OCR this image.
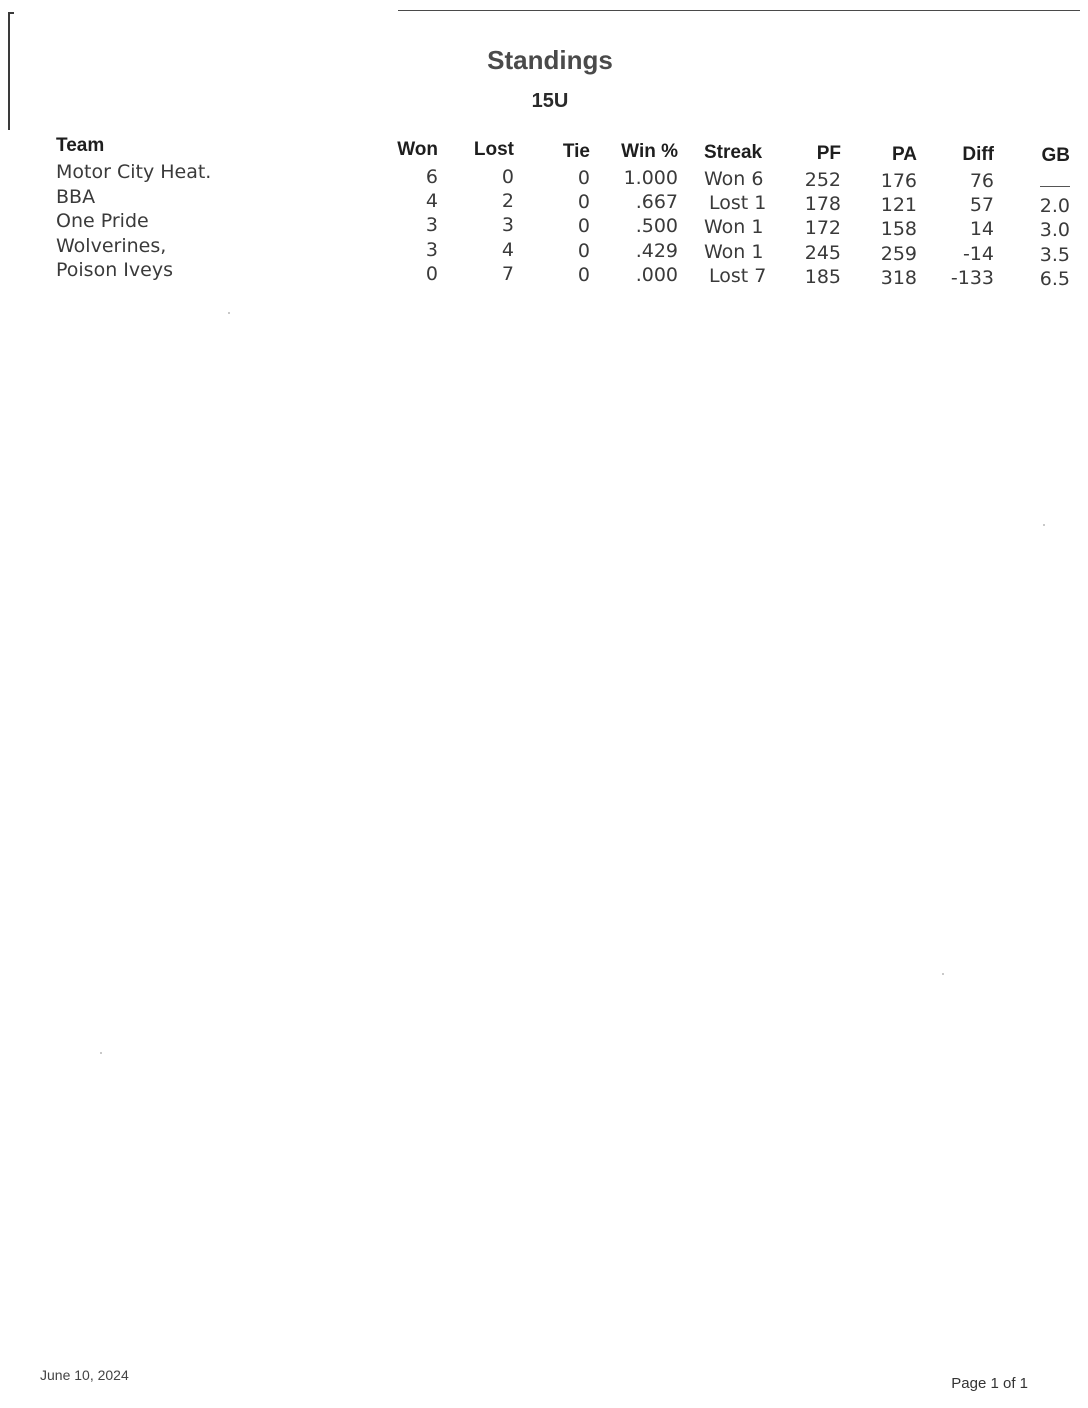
Standings
15U
Team	Won	Lost	Tie	Win % Streak	PF	PA	Diff	GB
Motor City Heat.	6	0	0	1.000 Won 6	252	176	76
BBA	4	2	0	.667 Lost 1	178	121	57	2.0
One Pride	3	3	0	.500 Won 1	172	158	14	3.0
Wolverines,	3	4	0	.429 Won 1	245	259	-14	3.5
Poison Iveys	0	7	0	.000 Lost 7	185	318	-133	6.5
June 10, 2024	Page 1 of 1
